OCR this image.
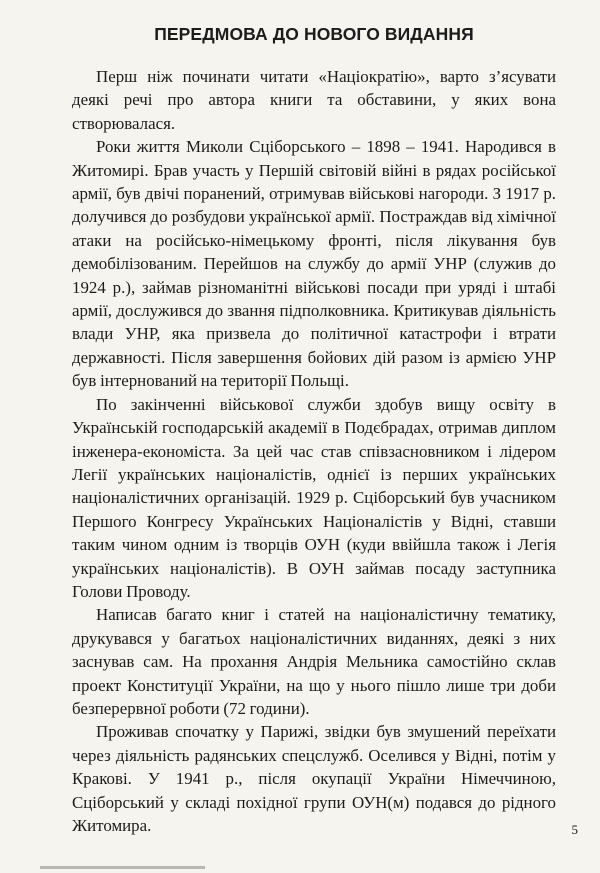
ПЕРЕДМОВА ДО НОВОГО ВИДАННЯ

Перш ніж починати читати «Націократію», варто з’ясувати деякі речі про автора книги та обставини, у яких вона створювалася.

Роки життя Миколи Сціборського – 1898 – 1941. Народився в Житомирі. Брав участь у Першій світовій війні в рядах російської армії, був двічі поранений, отримував військові нагороди. З 1917 р. долучився до розбудови української армії. Постраждав від хімічної атаки на російсько-німецькому фронті, після лікування був демобілізованим. Перейшов на службу до армії УНР (служив до 1924 р.), займав різноманітні військові посади при уряді і штабі армії, дослужився до звання підполковника. Критикував діяльність влади УНР, яка призвела до політичної катастрофи і втрати державності. Після завершення бойових дій разом із армією УНР був інтернований на території Польщі.

По закінченні військової служби здобув вищу освіту в Українській господарській академії в Подєбрадах, отримав диплом інженера-економіста. За цей час став співзасновником і лідером Легії українських націоналістів, однієї із перших українських націоналістичних організацій. 1929 р. Сціборський був учасником Першого Конгресу Українських Націоналістів у Відні, ставши таким чином одним із творців ОУН (куди ввійшла також і Легія українських націоналістів). В ОУН займав посаду заступника Голови Проводу.

Написав багато книг і статей на націоналістичну тематику, друкувався у багатьох націоналістичних виданнях, деякі з них заснував сам. На прохання Андрія Мельника самостійно склав проект Конституції України, на що у нього пішло лише три доби безперервної роботи (72 години).

Проживав спочатку у Парижі, звідки був змушений переїхати через діяльність радянських спецслужб. Оселився у Відні, потім у Кракові. У 1941 р., після окупації України Німеччиною, Сціборський у складі похідної групи ОУН(м) подався до рідного Житомира.	5
